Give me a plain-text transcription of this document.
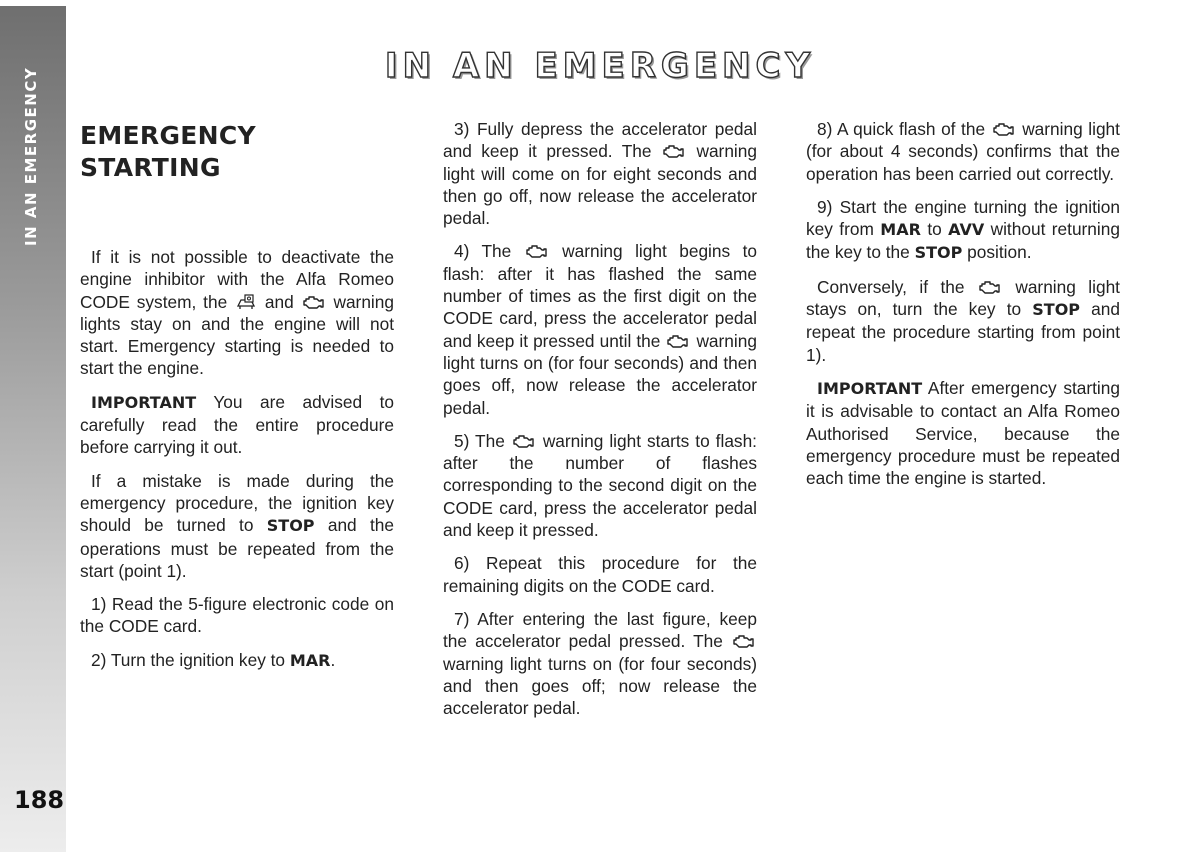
IN AN EMERGENCY
188
IN AN EMERGENCY
EMERGENCY
STARTING

If it is not possible to deactivate the engine inhibitor with the Alfa Romeo CODE system, the and warning lights stay on and the engine will not start. Emergency starting is needed to start the engine.

IMPORTANT You are advised to carefully read the entire procedure before carrying it out.

If a mistake is made during the emergency procedure, the ignition key should be turned to STOP and the operations must be repeated from the start (point 1).

1) Read the 5-figure electronic code on the CODE card.

2) Turn the ignition key to MAR.

3) Fully depress the accelerator pedal and keep it pressed. The	warning light will come on for eight seconds and then go off, now release the accelerator pedal.

4) The	warning light begins to flash: after it has flashed the same number of times as the first digit on the CODE card, press the accelerator pedal and keep it pressed until the warning light turns on (for four seconds) and then goes off, now release the accelerator pedal.

5) The warning light starts to flash: after the number of flashes corresponding to the second digit on the CODE card, press the accelerator pedal and keep it pressed.

6) Repeat this procedure for the remaining digits on the CODE card.

7) After entering the last figure, keep the accelerator pedal pressed. The  warning light turns on (for four seconds) and then goes off; now release the accelerator pedal.

8) A quick flash of the warning light (for about 4 seconds) confirms that the operation has been carried out correctly.

9) Start the engine turning the ignition key from MAR to AVV without returning the key to the STOP position.

Conversely, if the	warning light stays on, turn the key to STOP and repeat the procedure starting from point 1).

IMPORTANT After emergency starting it is advisable to contact an Alfa Romeo Authorised Service, because the emergency procedure must be repeated each time the engine is started.
